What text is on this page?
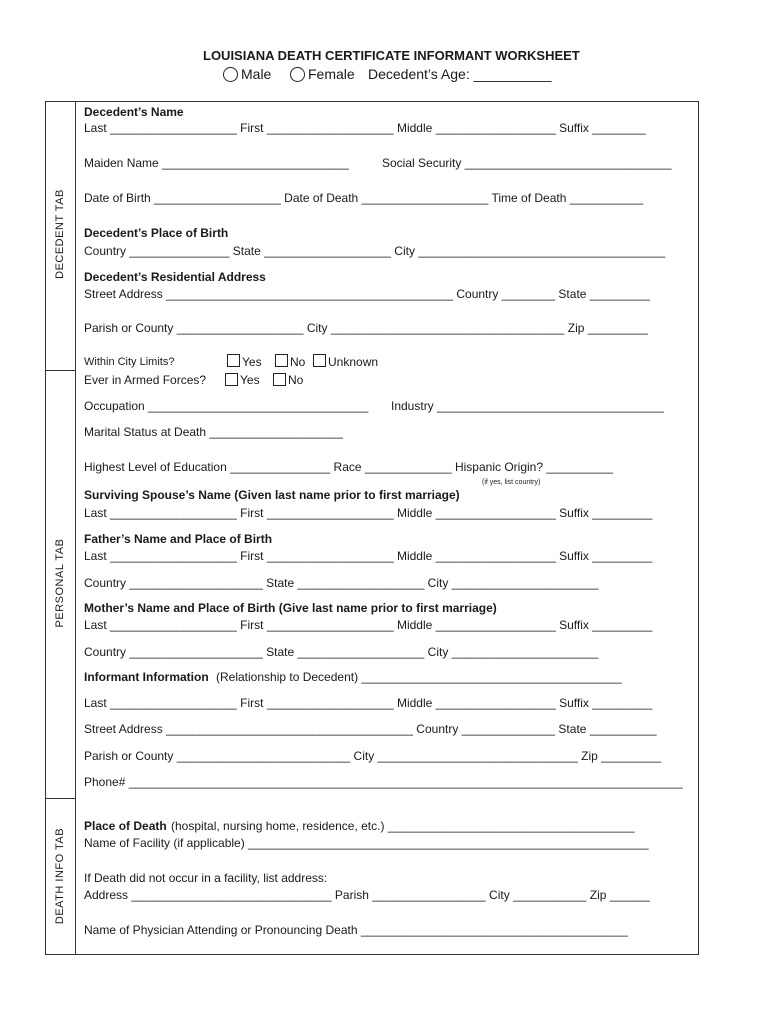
LOUISIANA DEATH CERTIFICATE INFORMANT WORKSHEET
Male	Female Decedent’s Age: __________
DECEDENT TAB
PERSONAL TAB
DEATH INFO TAB
Decedent’s Name
Last ___________________ First ___________________ Middle __________________ Suffix ________
Maiden Name ____________________________	Social Security _______________________________
Date of Birth ___________________ Date of Death ___________________ Time of Death ___________
Decedent’s Place of Birth
Country _______________ State ___________________ City _____________________________________
Decedent’s Residential Address
Street Address ___________________________________________ Country ________ State _________
Parish or County ___________________ City ___________________________________ Zip _________
Within City Limits?	Yes No Unknown
Ever in Armed Forces?	Yes No
Occupation _________________________________ Industry __________________________________
Marital Status at Death ____________________
Highest Level of Education _______________ Race _____________ Hispanic Origin? __________
(if yes, list country)
Surviving Spouse’s Name (Given last name prior to first marriage)
Last ___________________ First ___________________ Middle __________________ Suffix _________
Father’s Name and Place of Birth
Last ___________________ First ___________________ Middle __________________ Suffix _________
Country ____________________ State ___________________ City ______________________
Mother’s Name and Place of Birth (Give last name prior to first marriage)
Last ___________________ First ___________________ Middle __________________ Suffix _________
Country ____________________ State ___________________ City ______________________
Informant Information (Relationship to Decedent) _______________________________________
Last ___________________ First ___________________ Middle __________________ Suffix _________
Street Address _____________________________________ Country ______________ State __________
Parish or County __________________________ City ______________________________ Zip _________
Phone# ___________________________________________________________________________________
Place of Death (hospital, nursing home, residence, etc.) _____________________________________
Name of Facility (if applicable) ____________________________________________________________
If Death did not occur in a facility, list address:
Address ______________________________ Parish _________________ City ___________ Zip ______
Name of Physician Attending or Pronouncing Death ________________________________________
